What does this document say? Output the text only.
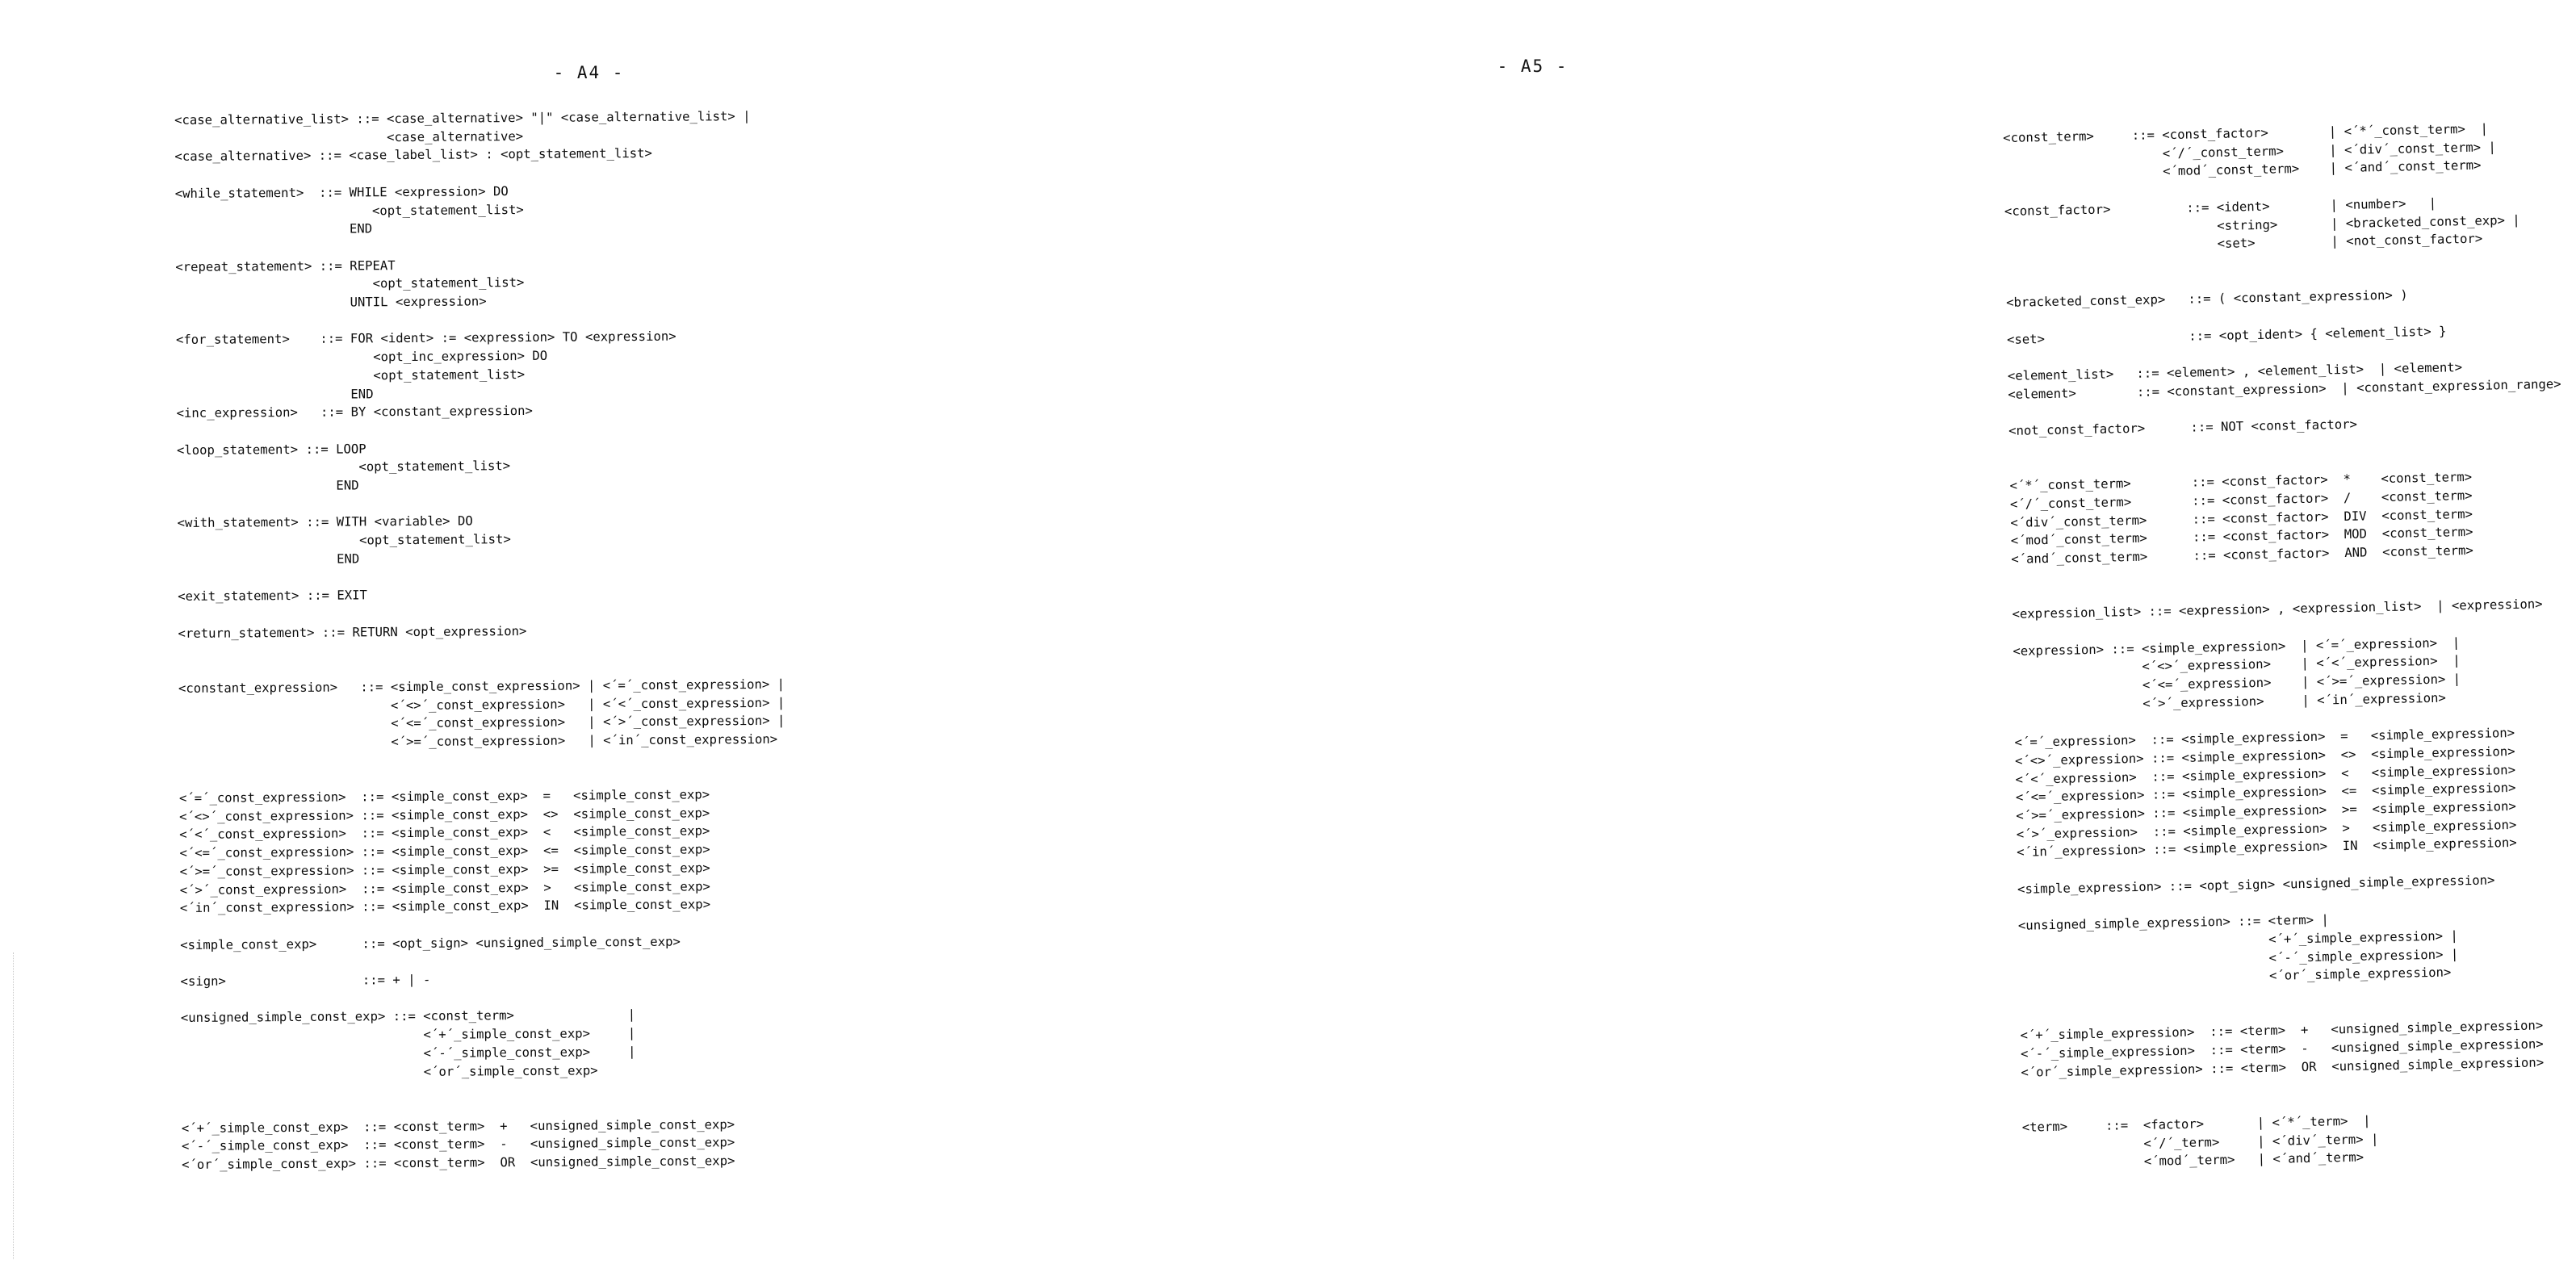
- A4 -
<case_alternative_list> ::= <case_alternative> "|" <case_alternative_list> |
<case_alternative>
<case_alternative> ::= <case_label_list> : <opt_statement_list>

<while_statement>  ::= WHILE <expression> DO
<opt_statement_list>
END

<repeat_statement> ::= REPEAT
<opt_statement_list>
UNTIL <expression>

<for_statement>    ::= FOR <ident> := <expression> TO <expression>
<opt_inc_expression> DO
<opt_statement_list>
END
<inc_expression>   ::= BY <constant_expression>

<loop_statement> ::= LOOP
<opt_statement_list>
END

<with_statement> ::= WITH <variable> DO
<opt_statement_list>
END

<exit_statement> ::= EXIT

<return_statement> ::= RETURN <opt_expression>

<constant_expression>   ::= <simple_const_expression> | <´=´_const_expression> |
<´<>´_const_expression>   | <´<´_const_expression> |
<´<=´_const_expression>   | <´>´_const_expression> |
<´>=´_const_expression>   | <´in´_const_expression>

<´=´_const_expression>  ::= <simple_const_exp>  =   <simple_const_exp>
<´<>´_const_expression> ::= <simple_const_exp>  <>  <simple_const_exp>
<´<´_const_expression>  ::= <simple_const_exp>  <   <simple_const_exp>
<´<=´_const_expression> ::= <simple_const_exp>  <=  <simple_const_exp>
<´>=´_const_expression> ::= <simple_const_exp>  >=  <simple_const_exp>
<´>´_const_expression>  ::= <simple_const_exp>  >   <simple_const_exp>
<´in´_const_expression> ::= <simple_const_exp>  IN  <simple_const_exp>

<simple_const_exp>      ::= <opt_sign> <unsigned_simple_const_exp>

<sign>                  ::= + | -

<unsigned_simple_const_exp> ::= <const_term>               |
<´+´_simple_const_exp>     |
<´-´_simple_const_exp>     |
<´or´_simple_const_exp>

<´+´_simple_const_exp>  ::= <const_term>  +   <unsigned_simple_const_exp>
<´-´_simple_const_exp>  ::= <const_term>  -   <unsigned_simple_const_exp>
<´or´_simple_const_exp> ::= <const_term>  OR  <unsigned_simple_const_exp>
- A5 -
<const_term>     ::= <const_factor>        | <´*´_const_term>  |
<´/´_const_term>      | <´div´_const_term> |
<´mod´_const_term>    | <´and´_const_term>

<const_factor>          ::= <ident>        | <number>   |
<string>       | <bracketed_const_exp> |
<set>          | <not_const_factor>

<bracketed_const_exp>   ::= ( <constant_expression> )

<set>                   ::= <opt_ident> { <element_list> }

<element_list>   ::= <element> , <element_list>  | <element>
<element>        ::= <constant_expression>  | <constant_expression_range>

<not_const_factor>      ::= NOT <const_factor>

<´*´_const_term>        ::= <const_factor>  *    <const_term>
<´/´_const_term>        ::= <const_factor>  /    <const_term>
<´div´_const_term>      ::= <const_factor>  DIV  <const_term>
<´mod´_const_term>      ::= <const_factor>  MOD  <const_term>
<´and´_const_term>      ::= <const_factor>  AND  <const_term>

<expression_list> ::= <expression> , <expression_list>  | <expression>

<expression> ::= <simple_expression>  | <´=´_expression>  |
<´<>´_expression>    | <´<´_expression>  |
<´<=´_expression>    | <´>=´_expression> |
<´>´_expression>     | <´in´_expression>

<´=´_expression>  ::= <simple_expression>  =   <simple_expression>
<´<>´_expression> ::= <simple_expression>  <>  <simple_expression>
<´<´_expression>  ::= <simple_expression>  <   <simple_expression>
<´<=´_expression> ::= <simple_expression>  <=  <simple_expression>
<´>=´_expression> ::= <simple_expression>  >=  <simple_expression>
<´>´_expression>  ::= <simple_expression>  >   <simple_expression>
<´in´_expression> ::= <simple_expression>  IN  <simple_expression>

<simple_expression> ::= <opt_sign> <unsigned_simple_expression>

<unsigned_simple_expression> ::= <term> |
<´+´_simple_expression> |
<´-´_simple_expression> |
<´or´_simple_expression>

<´+´_simple_expression>  ::= <term>  +   <unsigned_simple_expression>
<´-´_simple_expression>  ::= <term>  -   <unsigned_simple_expression>
<´or´_simple_expression> ::= <term>  OR  <unsigned_simple_expression>

<term>     ::=  <factor>       | <´*´_term>  |
<´/´_term>     | <´div´_term> |
<´mod´_term>   | <´and´_term>
